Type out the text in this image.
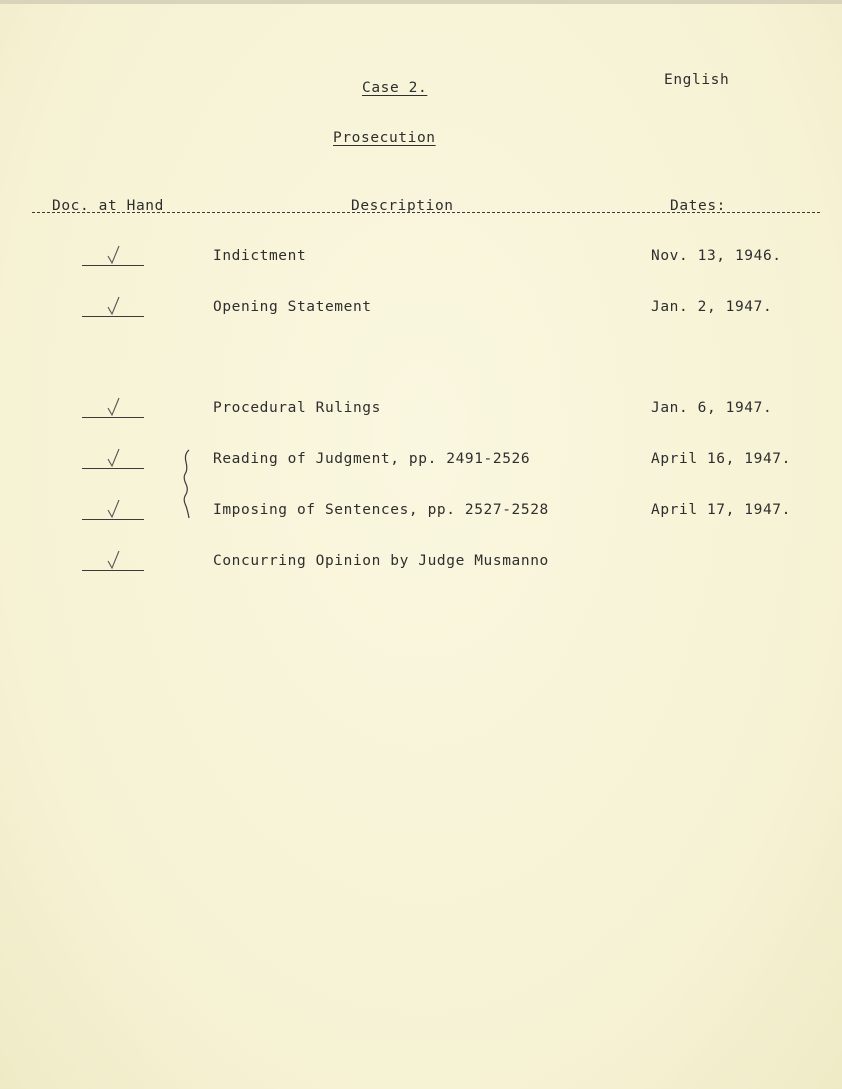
Case 2.	English
Prosecution
Doc. at Hand	Description	Dates:
Indictment	Nov. 13, 1946.
Opening Statement	Jan. 2, 1947.
Procedural Rulings	Jan. 6, 1947.
Reading of Judgment, pp. 2491-2526	April 16, 1947.
Imposing of Sentences, pp. 2527-2528	April 17, 1947.
Concurring Opinion by Judge Musmanno
